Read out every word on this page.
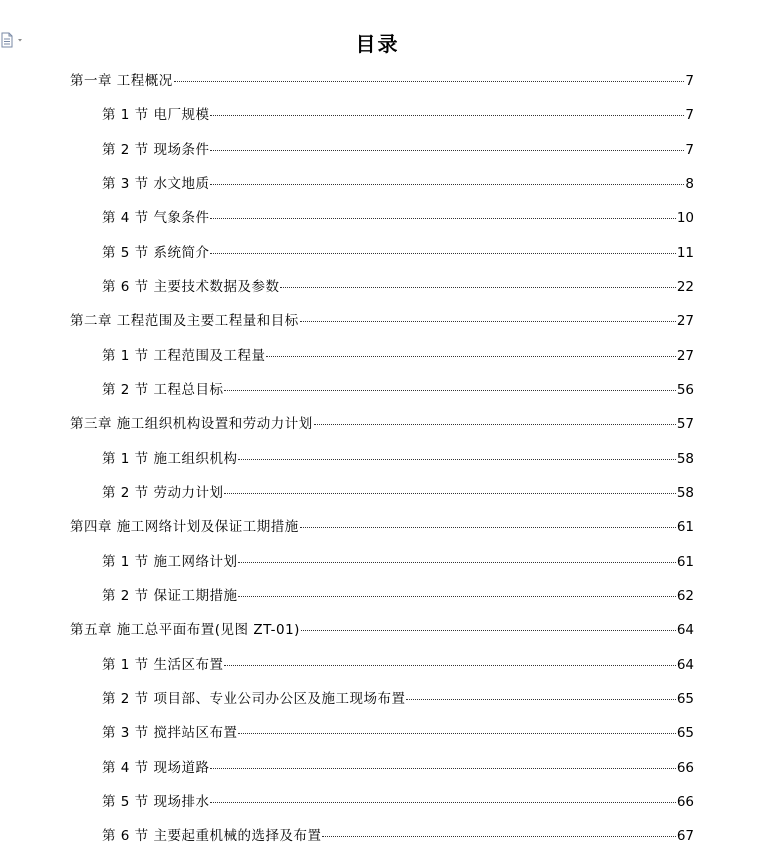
目录
第一章 工程概况	7
第 1 节 电厂规模	7
第 2 节 现场条件	7
第 3 节 水文地质	8
第 4 节 气象条件	10
第 5 节 系统简介	11
第 6 节 主要技术数据及参数	22
第二章 工程范围及主要工程量和目标	27
第 1 节 工程范围及工程量	27
第 2 节 工程总目标	56
第三章 施工组织机构设置和劳动力计划	57
第 1 节 施工组织机构	58
第 2 节 劳动力计划	58
第四章 施工网络计划及保证工期措施	61
第 1 节 施工网络计划	61
第 2 节 保证工期措施	62
第五章 施工总平面布置(见图 ZT-01)	64
第 1 节 生活区布置	64
第 2 节 项目部、专业公司办公区及施工现场布置	65
第 3 节 搅拌站区布置	65
第 4 节 现场道路	66
第 5 节 现场排水	66
第 6 节 主要起重机械的选择及布置	67
